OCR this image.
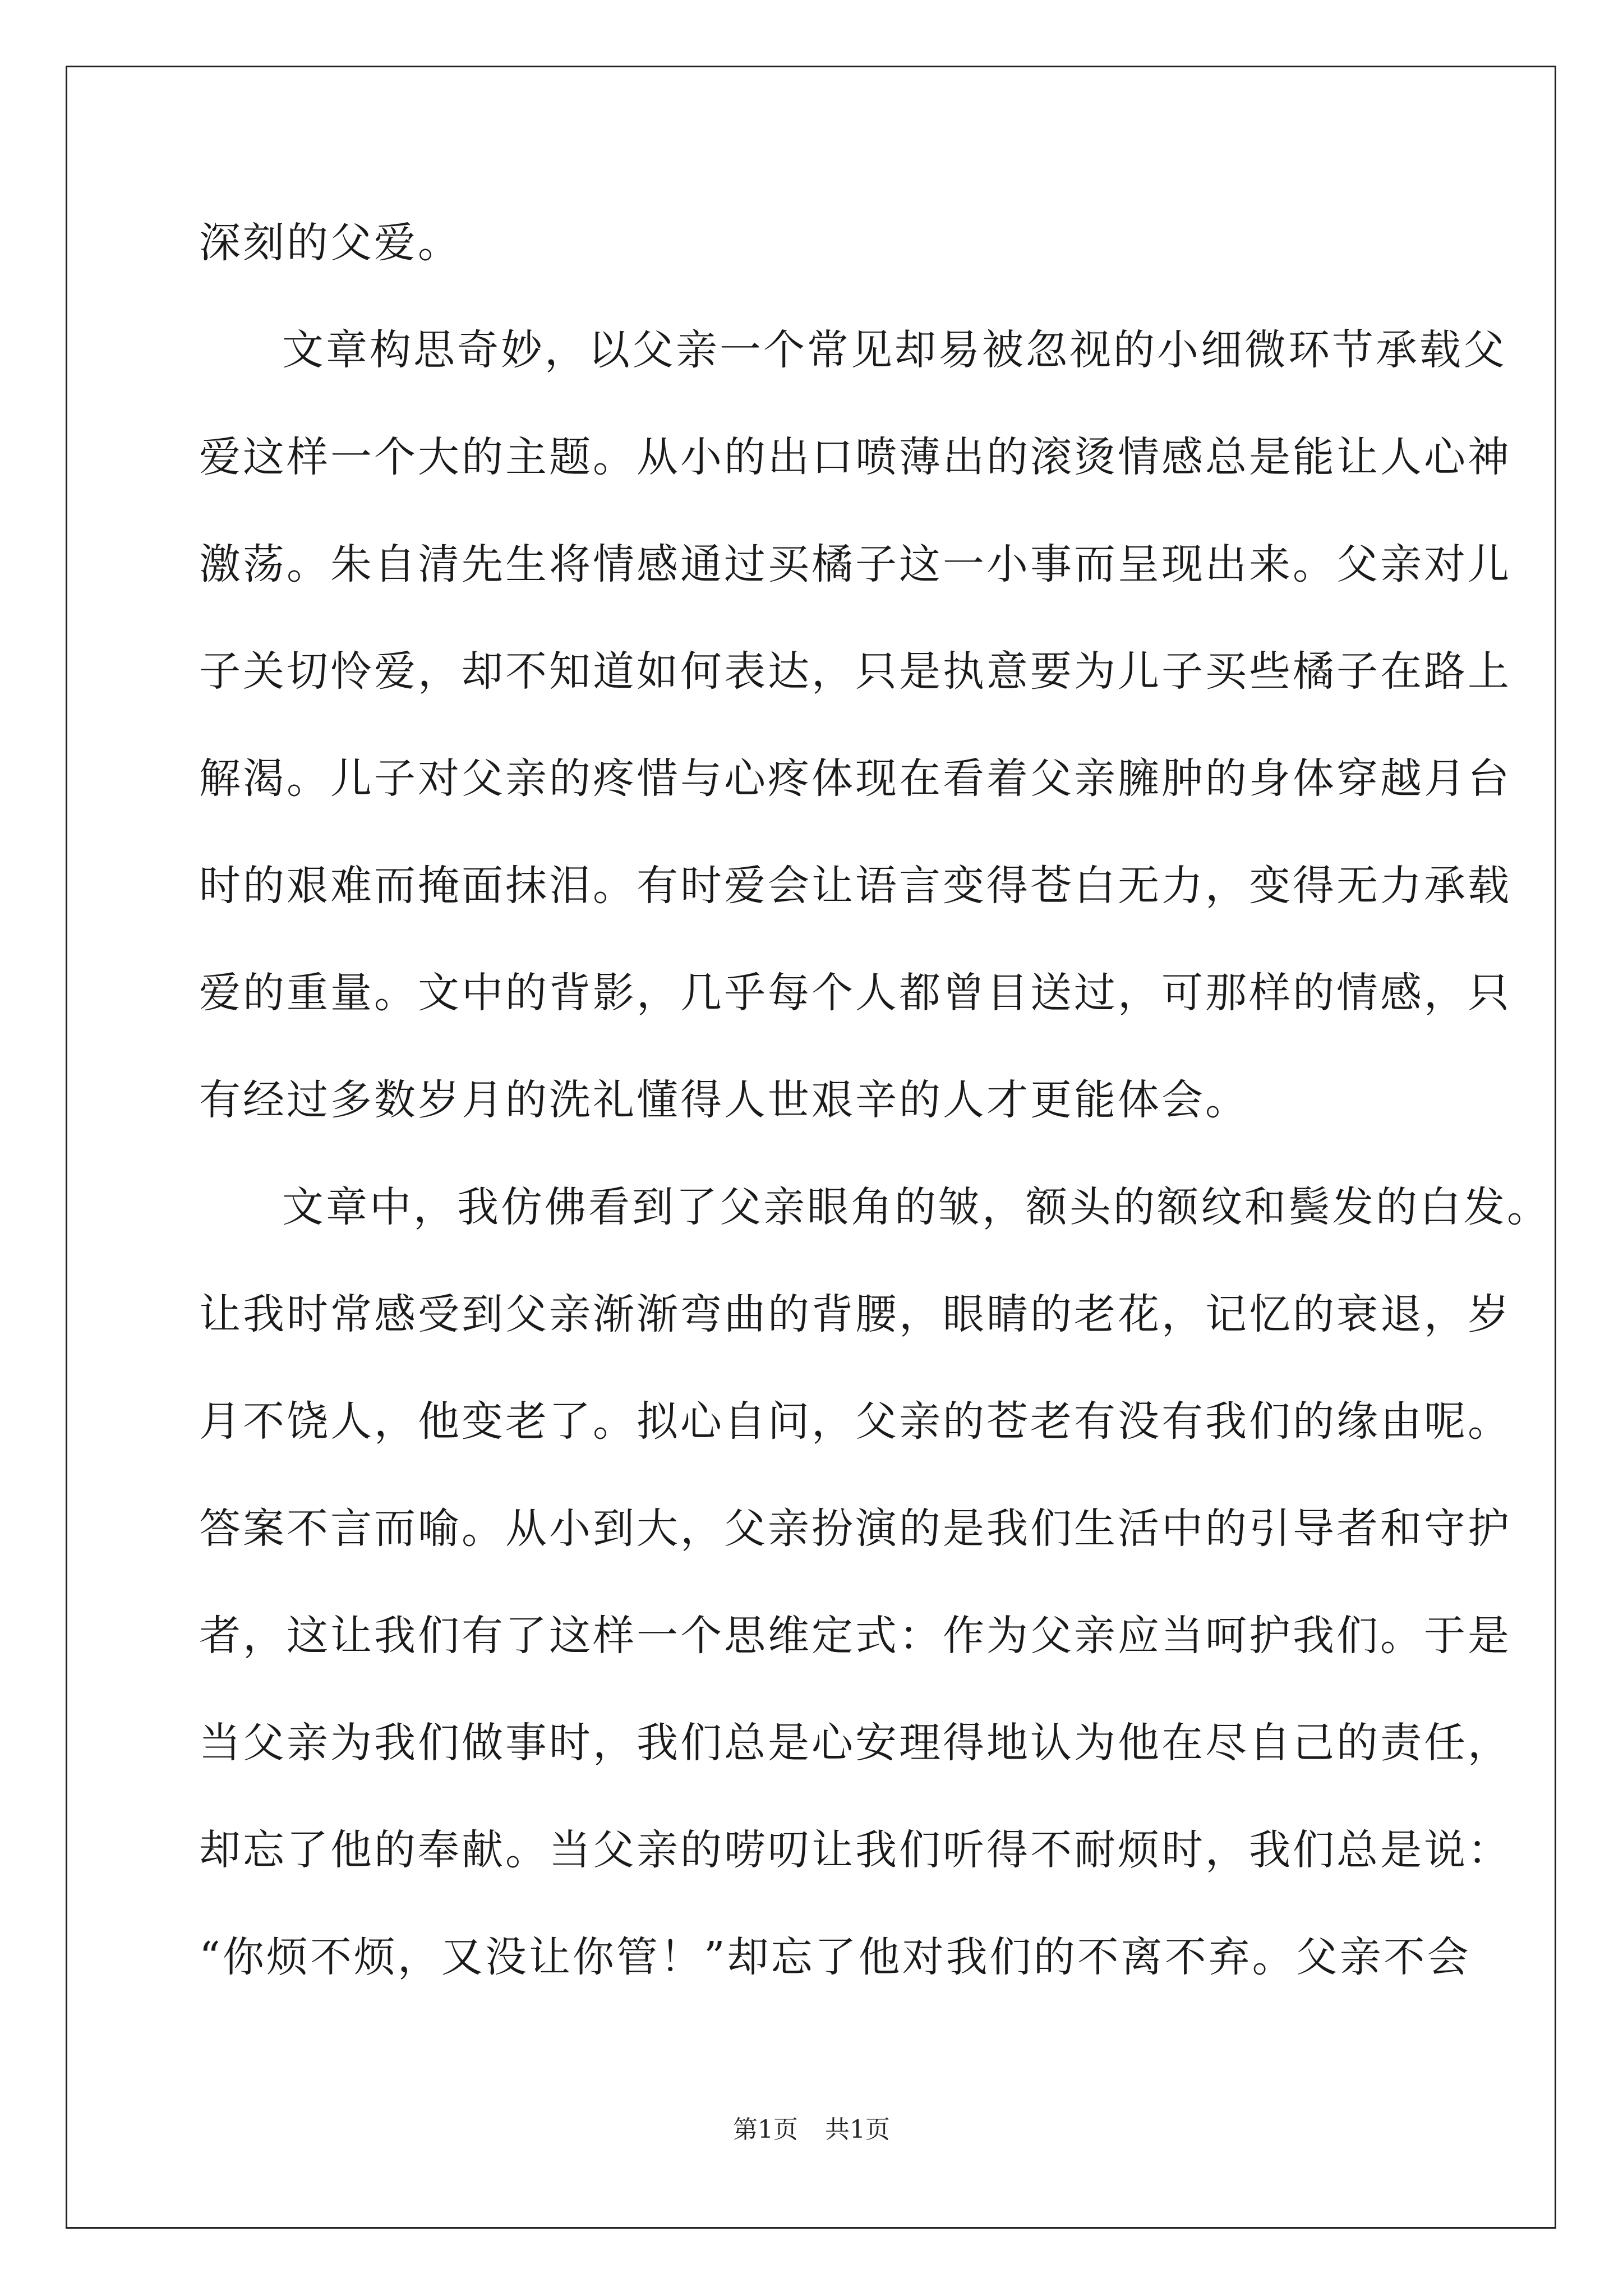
深刻的父爱。
文章构思奇妙，以父亲一个常见却易被忽视的小细微环节承载父
爱这样一个大的主题。从小的出口喷薄出的滚烫情感总是能让人心神
激荡。朱自清先生将情感通过买橘子这一小事而呈现出来。父亲对儿
子关切怜爱，却不知道如何表达，只是执意要为儿子买些橘子在路上
解渴。儿子对父亲的疼惜与心疼体现在看着父亲臃肿的身体穿越月台
时的艰难而掩面抹泪。有时爱会让语言变得苍白无力，变得无力承载
爱的重量。文中的背影，几乎每个人都曾目送过，可那样的情感，只
有经过多数岁月的洗礼懂得人世艰辛的人才更能体会。
文章中，我仿佛看到了父亲眼角的皱，额头的额纹和鬓发的白发。
让我时常感受到父亲渐渐弯曲的背腰，眼睛的老花，记忆的衰退，岁
月不饶人，他变老了。拟心自问，父亲的苍老有没有我们的缘由呢。
答案不言而喻。从小到大，父亲扮演的是我们生活中的引导者和守护
者，这让我们有了这样一个思维定式：作为父亲应当呵护我们。于是
当父亲为我们做事时，我们总是心安理得地认为他在尽自己的责任，
却忘了他的奉献。当父亲的唠叨让我们听得不耐烦时，我们总是说：
“你烦不烦，又没让你管！”却忘了他对我们的不离不弃。父亲不会
第1页 共1页
